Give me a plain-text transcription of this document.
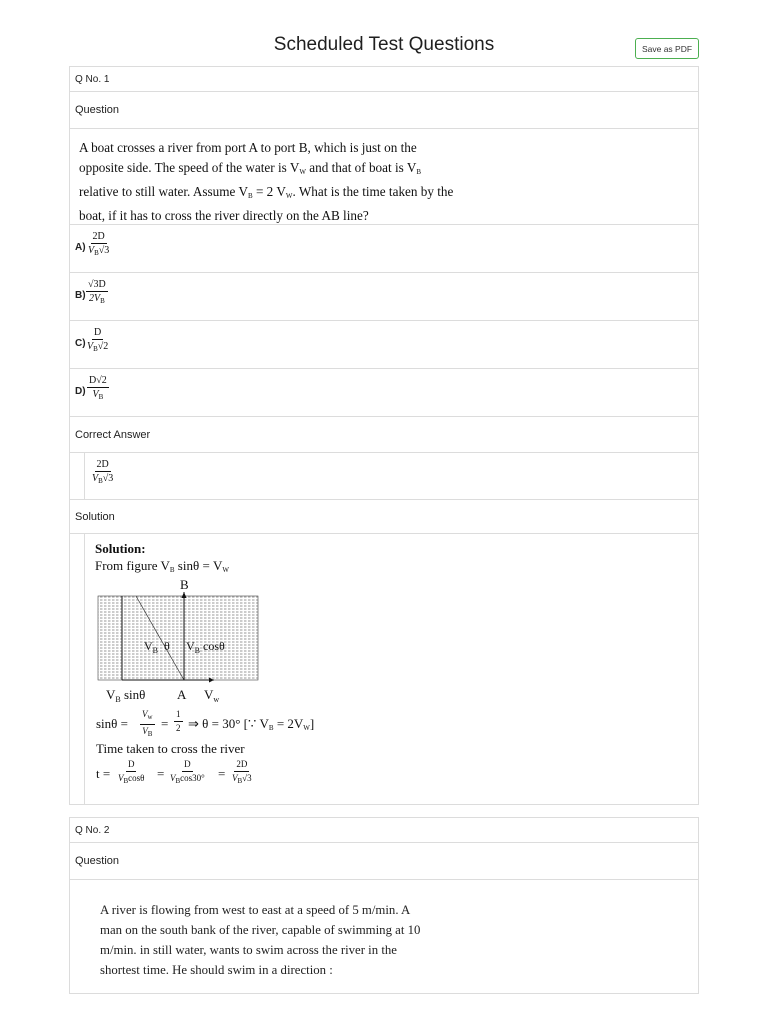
Scheduled Test Questions	Save as PDF
Q No. 1
Question
A boat crosses a river from port A to port B, which is just on the
opposite side. The speed of the water is $V_W$ and that of boat is $V_B$
relative to still water. Assume $V_B = 2$ $V_W$. What is the time taken by the
boat, if it has to cross the river directly on the AB line?
$A) \frac{2D}{V_B√3}$
$B) \frac{√3D}{2V_B}$
$C) \frac{D}{V_B√2}$
$D) \frac{D√2}{V_B}$
Correct Answer
$\frac{2D}{V_B√3}$
Solution
Solution:
From figure $V_B$ $\sin\theta = V_W$
B
$V_B$ θ $V_B$ cosθ
$V_B$ sinθ A $V_w$
$\sin\theta = \frac{V_w}{V_B} = \frac{1}{2}$ ⇒ θ = 30° [∵ $V_B = 2V_W$]
Time taken to cross the river
$t = \frac{D}{V_B\cos\theta} = \frac{D}{V_B\cos 30^\circ} = \frac{2D}{V_B√3}$
Q No. 2
Question
A river is flowing from west to east at a speed of 5 m/min. A
man on the south bank of the river, capable of swimming at 10
m/min. in still water, wants to swim across the river in the
shortest time. He should swim in a direction :
